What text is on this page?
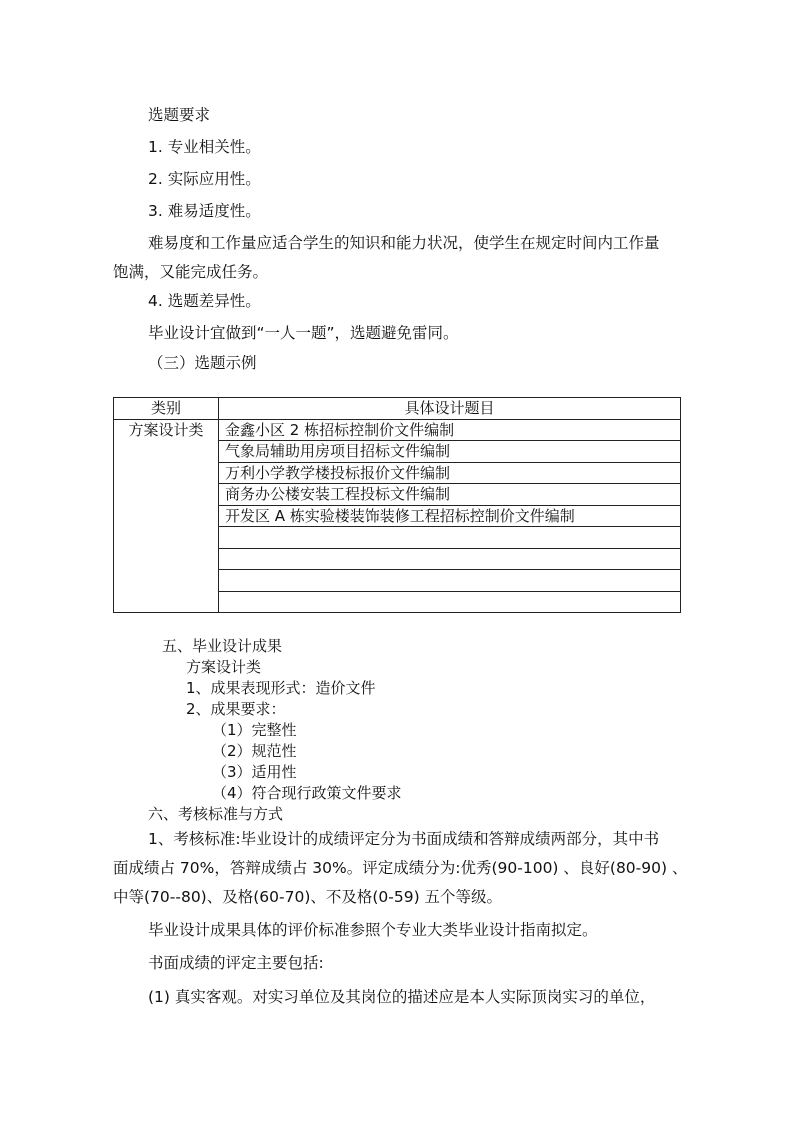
选题要求
1. 专业相关性。
2. 实际应用性。
3. 难易适度性。
难易度和工作量应适合学生的知识和能力状况，使学生在规定时间内工作量
饱满，又能完成任务。
4. 选题差异性。
毕业设计宜做到“一人一题”，选题避免雷同。
（三）选题示例
类别	具体设计题目
方案设计类	金鑫小区 2 栋招标控制价文件编制
	气象局辅助用房项目招标文件编制
	万利小学教学楼投标报价文件编制
	商务办公楼安装工程投标文件编制
	开发区 A 栋实验楼装饰装修工程招标控制价文件编制

五、毕业设计成果
方案设计类
1、成果表现形式：造价文件
2、成果要求：
（1）完整性
（2）规范性
（3）适用性
（4）符合现行政策文件要求
六、考核标准与方式
1、考核标准:毕业设计的成绩评定分为书面成绩和答辩成绩两部分，其中书
面成绩占 70%，答辩成绩占 30%。评定成绩分为:优秀(90-100) 、良好(80-90) 、
中等(70--80)、及格(60-70)、不及格(0-59) 五个等级。
毕业设计成果具体的评价标准参照个专业大类毕业设计指南拟定。
书面成绩的评定主要包括:
(1) 真实客观。对实习单位及其岗位的描述应是本人实际顶岗实习的单位，
